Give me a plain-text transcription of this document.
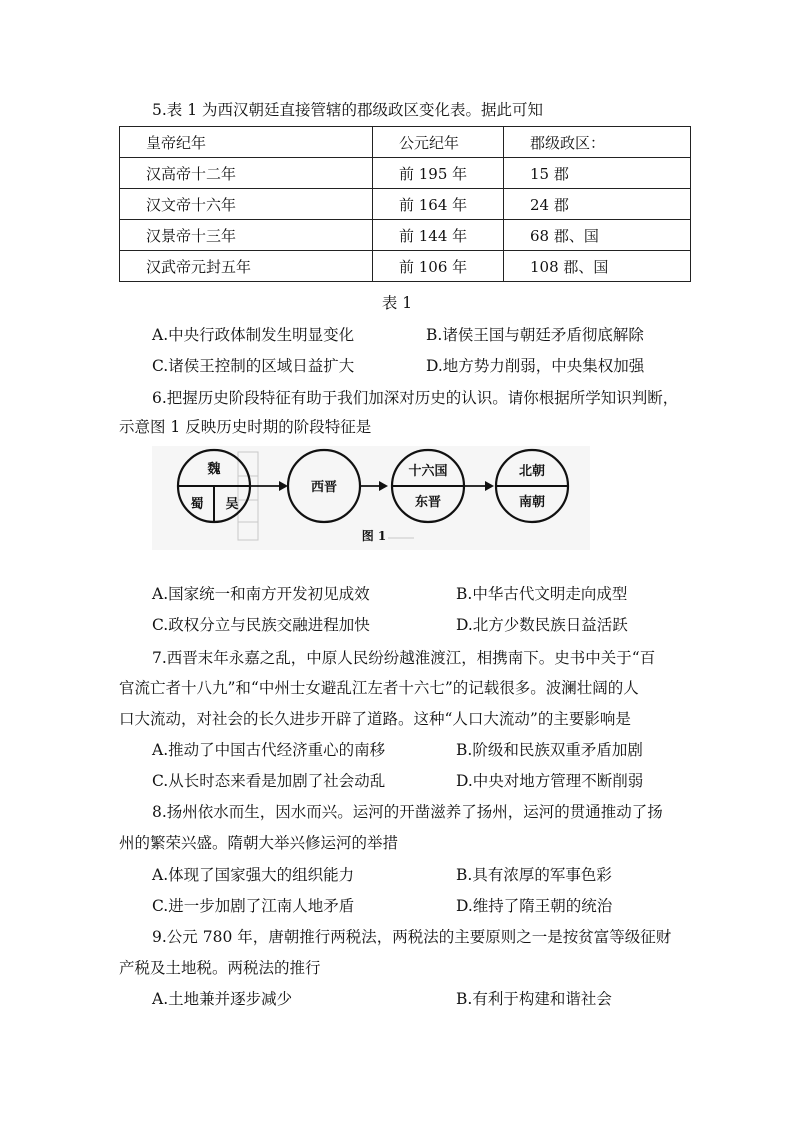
5.表 1 为西汉朝廷直接管辖的郡级政区变化表。据此可知
皇帝纪年	公元纪年	郡级政区：
汉高帝十二年	前 195 年	15 郡
汉文帝十六年	前 164 年	24 郡
汉景帝十三年	前 144 年	68 郡、国
汉武帝元封五年	前 106 年	108 郡、国
表 1
A.中央行政体制发生明显变化	B.诸侯王国与朝廷矛盾彻底解除
C.诸侯王控制的区域日益扩大	D.地方势力削弱，中央集权加强
6.把握历史阶段特征有助于我们加深对历史的认识。请你根据所学知识判断，
示意图 1 反映历史时期的阶段特征是
魏
蜀 吴
西晋
十六国
东晋
北朝
南朝
图 1
A.国家统一和南方开发初见成效	B.中华古代文明走向成型
C.政权分立与民族交融进程加快	D.北方少数民族日益活跃
7.西晋末年永嘉之乱，中原人民纷纷越淮渡江，相携南下。史书中关于“百
官流亡者十八九”和“中州士女避乱江左者十六七”的记载很多。波澜壮阔的人
口大流动，对社会的长久进步开辟了道路。这种“人口大流动”的主要影响是
A.推动了中国古代经济重心的南移	B.阶级和民族双重矛盾加剧
C.从长时态来看是加剧了社会动乱	D.中央对地方管理不断削弱
8.扬州依水而生，因水而兴。运河的开凿滋养了扬州，运河的贯通推动了扬
州的繁荣兴盛。隋朝大举兴修运河的举措
A.体现了国家强大的组织能力	B.具有浓厚的军事色彩
C.进一步加剧了江南人地矛盾	D.维持了隋王朝的统治
9.公元 780 年，唐朝推行两税法，两税法的主要原则之一是按贫富等级征财
产税及土地税。两税法的推行
A.土地兼并逐步减少	B.有利于构建和谐社会
